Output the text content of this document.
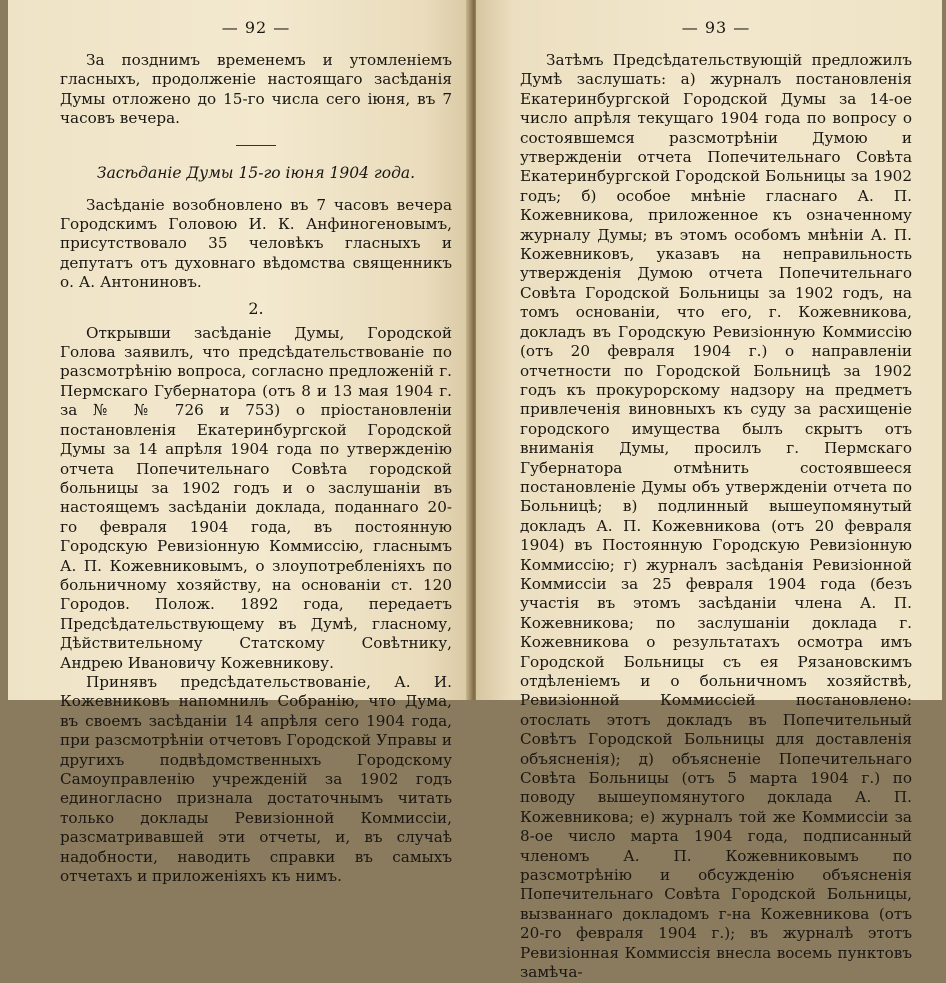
— 92 —

За позднимъ временемъ и утомленіемъ гласныхъ, продолженіе настоящаго засѣданія Думы отложено до 15-го числа сего іюня, въ 7 часовъ вечера.

Засѣданіе Думы 15-го іюня 1904 года.

Засѣданіе возобновлено въ 7 часовъ вечера Городскимъ Головою И. К. Анфиногеновымъ, присутствовало 35 человѣкъ гласныхъ и депутатъ отъ духовнаго вѣдомства священникъ о. А. Антониновъ.

2.

Открывши засѣданіе Думы, Городской Голова заявилъ, что предсѣдательствованіе по разсмотрѣнію вопроса, согласно предложеній г. Пермскаго Губернатора (отъ 8 и 13 мая 1904 г. за № № 726 и 753) о пріостановленіи постановленія Екатеринбургской Городской Думы за 14 апрѣля 1904 года по утвержденію отчета Попечительнаго Совѣта городской больницы за 1902 годъ и о заслушаніи въ настоящемъ засѣданіи доклада, поданнаго 20-го февраля 1904 года, въ постоянную Городскую Ревизіонную Коммиссію, гласнымъ А. П. Кожевниковымъ, о злоупотребленіяхъ по больничному хозяйству, на основаніи ст. 120 Городов. Полож. 1892 года, передаетъ Предсѣдательствующему въ Думѣ, гласному, Дѣйствительному Статскому Совѣтнику, Андрею Ивановичу Кожевникову.

Принявъ предсѣдательствованіе, А. И. Кожевниковъ напомнилъ Собранію, что Дума, въ своемъ засѣданіи 14 апрѣля сего 1904 года, при разсмотрѣніи отчетовъ Городской Управы и другихъ подвѣдомственныхъ Городскому Самоуправленію учрежденій за 1902 годъ единогласно признала достаточнымъ читать только доклады Ревизіонной Коммиссіи, разсматривавшей эти отчеты, и, въ случаѣ надобности, наводить справки въ самыхъ отчетахъ и приложеніяхъ къ нимъ.

— 93 —

Затѣмъ Предсѣдательствующій предложилъ Думѣ заслушать: а) журналъ постановленія Екатеринбургской Городской Думы за 14-ое число апрѣля текущаго 1904 года по вопросу о состоявшемся разсмотрѣніи Думою и утвержденіи отчета Попечительнаго Совѣта Екатеринбургской Городской Больницы за 1902 годъ; б) особое мнѣніе гласнаго А. П. Кожевникова, приложенное къ означенному журналу Думы; въ этомъ особомъ мнѣніи А. П. Кожевниковъ, указавъ на неправильность утвержденія Думою отчета Попечительнаго Совѣта Городской Больницы за 1902 годъ, на томъ основаніи, что его, г. Кожевникова, докладъ въ Городскую Ревизіонную Коммиссію (отъ 20 февраля 1904 г.) о направленіи отчетности по Городской Больницѣ за 1902 годъ къ прокурорскому надзору на предметъ привлеченія виновныхъ къ суду за расхищеніе городского имущества былъ скрытъ отъ вниманія Думы, просилъ г. Пермскаго Губернатора отмѣнить состоявшееся постановленіе Думы объ утвержденіи отчета по Больницѣ; в) подлинный вышеупомянутый докладъ А. П. Кожевникова (отъ 20 февраля 1904) въ Постоянную Городскую Ревизіонную Коммиссію; г) журналъ засѣданія Ревизіонной Коммиссіи за 25 февраля 1904 года (безъ участія въ этомъ засѣданіи члена А. П. Кожевникова; по заслушаніи доклада г. Кожевникова о результатахъ осмотра имъ Городской Больницы съ ея Рязановскимъ отдѣленіемъ и о больничномъ хозяйствѣ, Ревизіонной Коммиссіей постановлено: отослать этотъ докладъ въ Попечительный Совѣтъ Городской Больницы для доставленія объясненія); д) объясненіе Попечительнаго Совѣта Больницы (отъ 5 марта 1904 г.) по поводу вышеупомянутого доклада А. П. Кожевникова; е) журналъ той же Коммиссіи за 8-ое число марта 1904 года, подписанный членомъ А. П. Кожевниковымъ по разсмотрѣнію и обсужденію объясненія Попечительнаго Совѣта Городской Больницы, вызваннаго докладомъ г-на Кожевникова (отъ 20-го февраля 1904 г.); въ журналѣ этотъ Ревизіонная Коммиссія внесла восемь пунктовъ замѣча-
